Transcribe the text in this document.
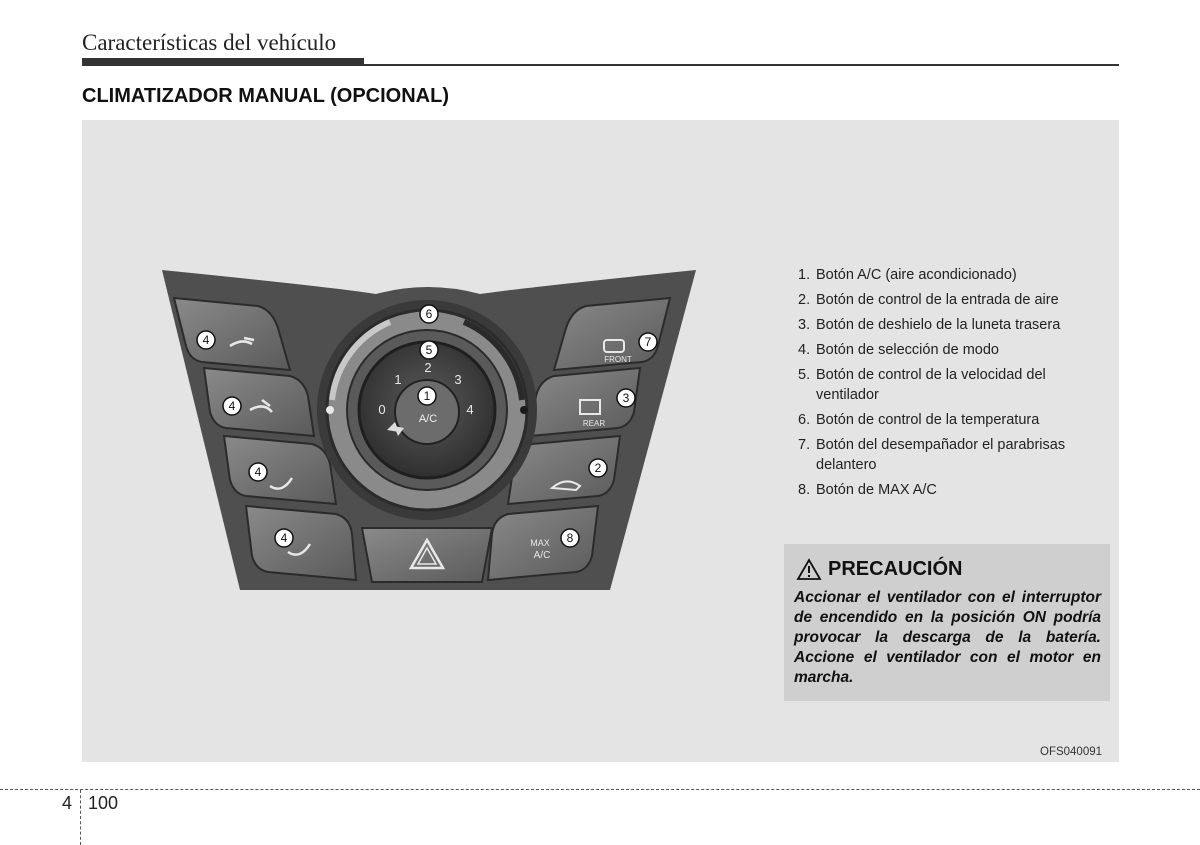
Características del vehículo
CLIMATIZADOR MANUAL (OPCIONAL)
0
1
2
3
4
A/C
FRONT
REAR
MAX
A/C
4
4
4
4
7
3
2
8
6
5
1
1. Botón A/C (aire acondicionado)
2. Botón de control de la entrada de aire
3. Botón de deshielo de la luneta trasera
4. Botón de selección de modo
5. Botón de control de la velocidad del ventilador
6. Botón de control de la temperatura
7. Botón del desempañador el parabrisas delantero
8. Botón de MAX A/C
PRECAUCIÓN
Accionar el ventilador con el interruptor de encendido en la posición ON podría provocar la descarga de la batería. Accione el ventilador con el motor en marcha.
OFS040091
4 100
